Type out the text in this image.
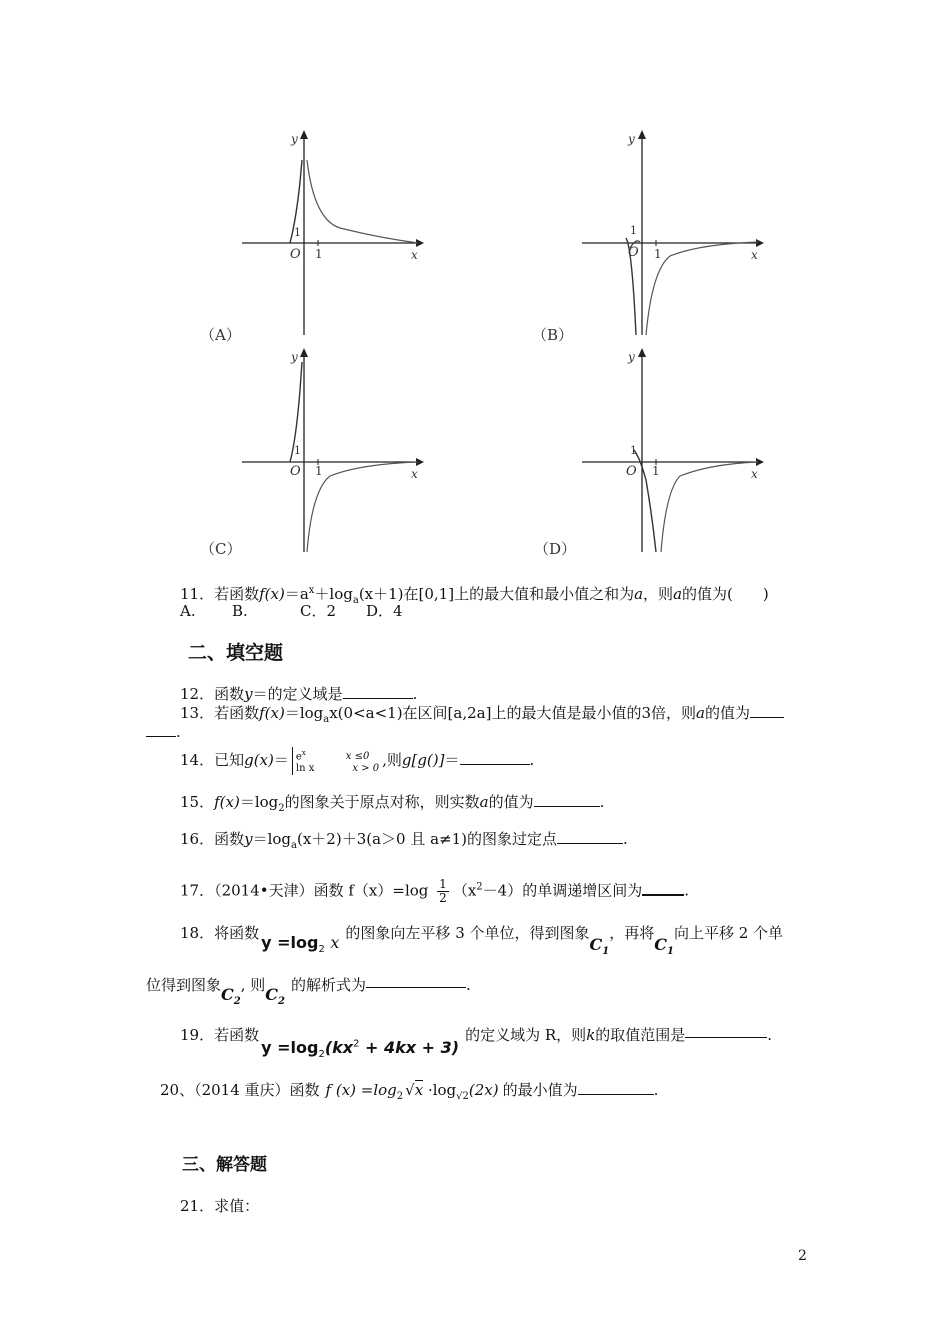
y
x
O 1
1
（A）
y
x
O 1
1
（B）
y
x
O 1
1
（C）
y
x
O 1
1
（D）
11．若函数$f(x)=a^x+\log_a(x+1)$在[0,1]上的最大值和最小值之和为a，则a的值为(　　)
A. B.	C．2 D．4
二、填空题
12．函数y＝的定义域是	.
13．若函数$f(x)=\log_ax(0<a<1)$在区间[a,2a]上的最大值是最小值的3倍，则a的值为
.
14．已知$g(x)= e^x$	x ≤0
ln x	x > 0 ,则g[g()]＝	.
15．$f(x)=\log_2$的图象关于原点对称，则实数a的值为	.
16．函数$y=\log_a(x+2)+3(a>0$ 且 a≠1)的图象过定点	.
17．（2014•天津）函数 $f(x)=\log \frac{1}{2} (x^2-4)$的单调递增区间为	.
18．将函数 $y =\log_2$ x 的图象向左平移 3 个单位，得到图象$C_1$，再将$C_1$向上平移 2 个单
位得到图象$C_2$, 则$C_2$的解析式为	.
19．若函数$y =\log_2(kx^2 + 4kx + 3)$的定义域为 R，则k的取值范围是	.
20、（2014 重庆）函数 f $(x) =\log_2$ $√x \cdot\log_{√2}(2x)$ 的最小值为	.
三、解答题
21．求值：
2
